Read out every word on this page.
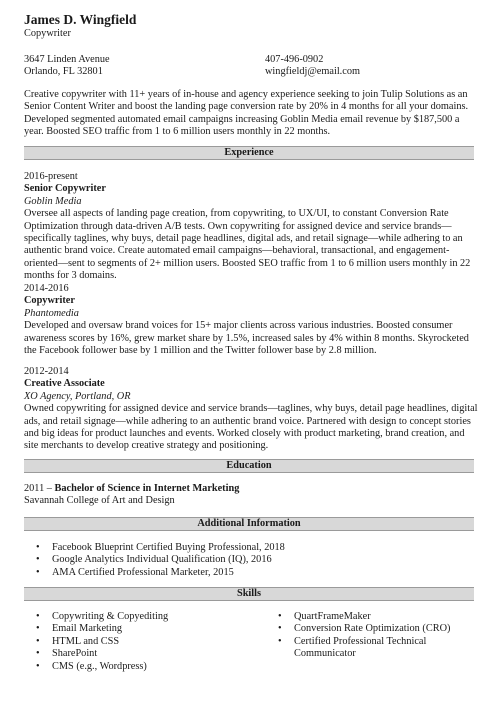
James D. Wingfield
Copywriter
3647 Linden Avenue
Orlando, FL 32801
407-496-0902
wingfieldj@email.com
Creative copywriter with 11+ years of in-house and agency experience seeking to join Tulip Solutions as an Senior Content Writer and boost the landing page conversion rate by 20% in 4 months for all your domains. Developed segmented automated email campaigns increasing Goblin Media email revenue by $187,500 a year. Boosted SEO traffic from 1 to 6 million users monthly in 22 months.
Experience
2016-present
Senior Copywriter
Goblin Media
Oversee all aspects of landing page creation, from copywriting, to UX/UI, to constant Conversion Rate Optimization through data-driven A/B tests. Own copywriting for assigned device and service brands—specifically taglines, why buys, detail page headlines, digital ads, and retail signage—while adhering to an authentic brand voice. Create automated email campaigns—behavioral, transactional, and engagement-oriented—sent to segments of 2+ million users. Boosted SEO traffic from 1 to 6 million users monthly in 22 months for 3 domains.
2014-2016
Copywriter
Phantomedia
Developed and oversaw brand voices for 15+ major clients across various industries. Boosted consumer awareness scores by 16%, grew market share by 1.5%, increased sales by 4% within 8 months. Skyrocketed the Facebook follower base by 1 million and the Twitter follower base by 2.8 million.
2012-2014
Creative Associate
XO Agency, Portland, OR
Owned copywriting for assigned device and service brands—taglines, why buys, detail page headlines, digital ads, and retail signage—while adhering to an authentic brand voice. Partnered with design to concept stories and big ideas for product launches and events. Worked closely with product marketing, brand creation, and site merchants to develop creative strategy and positioning.
Education
2011 – Bachelor of Science in Internet Marketing
Savannah College of Art and Design
Additional Information
• Facebook Blueprint Certified Buying Professional, 2018
• Google Analytics Individual Qualification (IQ), 2016
• AMA Certified Professional Marketer, 2015
Skills
• Copywriting & Copyediting
• Email Marketing
• HTML and CSS
• SharePoint
• CMS (e.g., Wordpress)
• QuartFrameMaker
• Conversion Rate Optimization (CRO)
• Certified Professional Technical Communicator
